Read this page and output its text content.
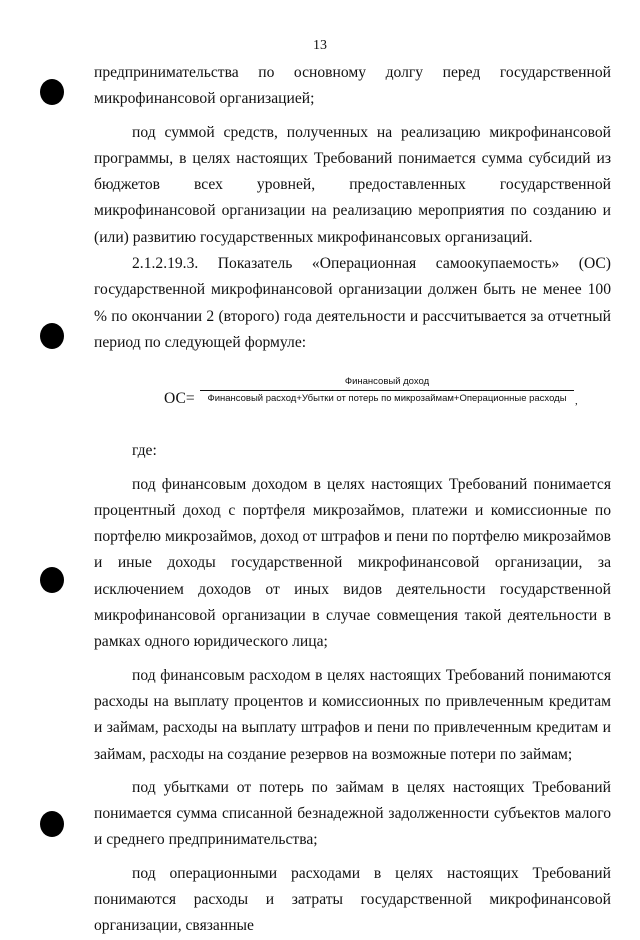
13

предпринимательства по основному долгу перед государственной

микрофинансовой организацией;

под суммой средств, полученных на реализацию микрофинансовой программы, в целях настоящих Требований понимается сумма субсидий из бюджетов всех уровней, предоставленных государственной микрофинансовой организации на реализацию мероприятия по созданию и (или) развитию государственных микрофинансовых организаций.

2.1.2.19.3. Показатель «Операционная самоокупаемость» (ОС) государственной микрофинансовой организации должен быть не менее 100 % по окончании 2 (второго) года деятельности и рассчитывается за отчетный период по следующей формуле:

ОС=
Финансовый доход
Финансовый расход+Убытки от потерь по микрозаймам+Операционные расходы ,

где:

под финансовым доходом в целях настоящих Требований понимается процентный доход с портфеля микрозаймов, платежи и комиссионные по портфелю микрозаймов, доход от штрафов и пени по портфелю микрозаймов и иные доходы государственной микрофинансовой организации, за исключением доходов от иных видов деятельности государственной микрофинансовой организации в случае совмещения такой деятельности в рамках одного юридического лица;

под финансовым расходом в целях настоящих Требований понимаются расходы на выплату процентов и комиссионных по привлеченным кредитам и займам, расходы на выплату штрафов и пени по привлеченным кредитам и займам, расходы на создание резервов на возможные потери по займам;

под убытками от потерь по займам в целях настоящих Требований понимается сумма списанной безнадежной задолженности субъектов малого и среднего предпринимательства;

под операционными расходами в целях настоящих Требований понимаются расходы и затраты государственной микрофинансовой организации, связанные
